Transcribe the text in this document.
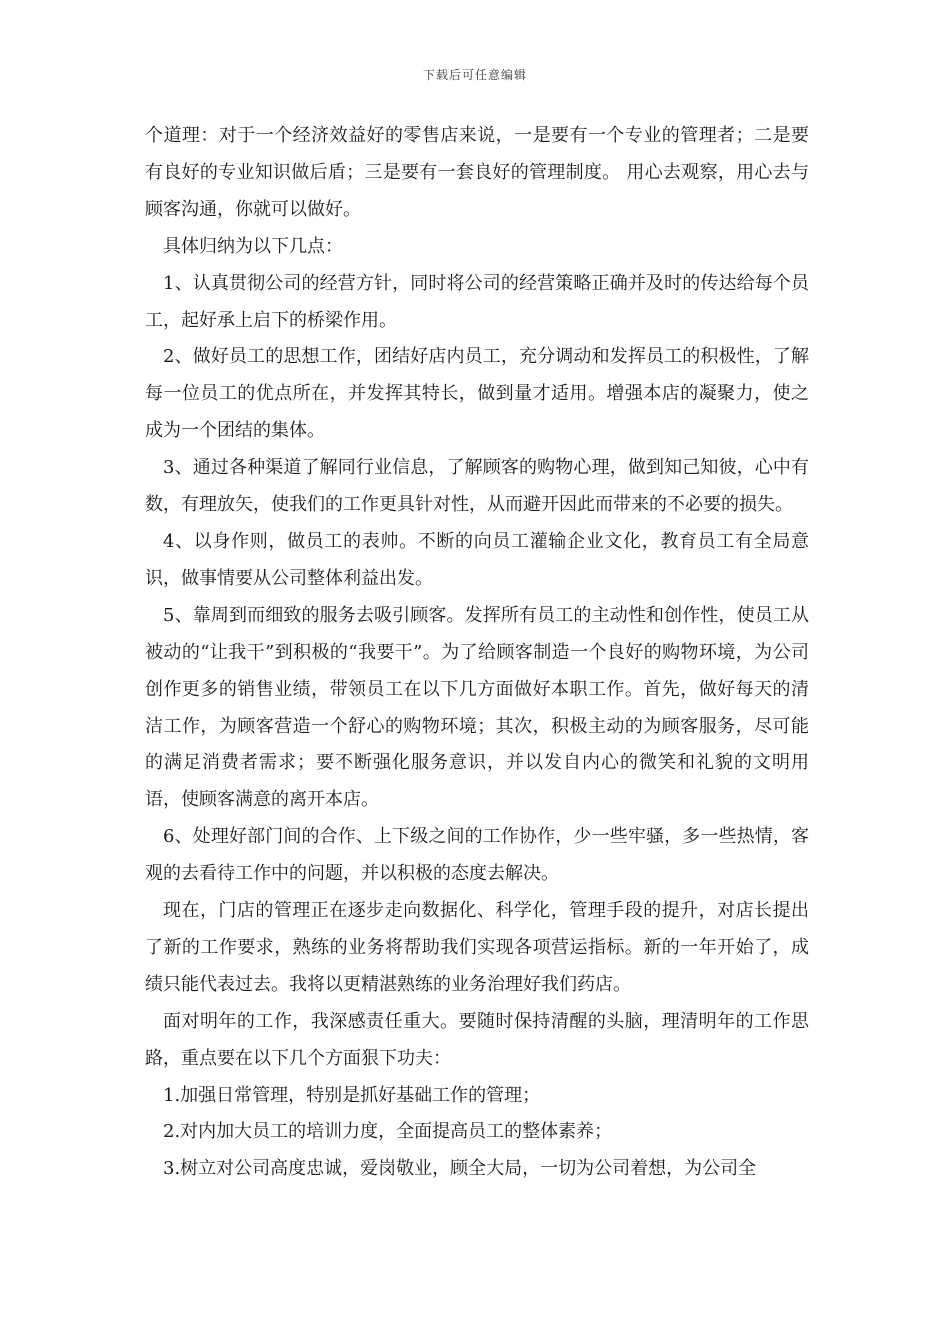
下载后可任意编辑

个道理：对于一个经济效益好的零售店来说，一是要有一个专业的管理者；二是要有良好的专业知识做后盾；三是要有一套良好的管理制度。 用心去观察，用心去与顾客沟通，你就可以做好。

具体归纳为以下几点：

1、认真贯彻公司的经营方针，同时将公司的经营策略正确并及时的传达给每个员工，起好承上启下的桥梁作用。

2、做好员工的思想工作，团结好店内员工，充分调动和发挥员工的积极性，了解每一位员工的优点所在，并发挥其特长，做到量才适用。增强本店的凝聚力，使之成为一个团结的集体。

3、通过各种渠道了解同行业信息，了解顾客的购物心理，做到知己知彼，心中有数，有理放矢，使我们的工作更具针对性，从而避开因此而带来的不必要的损失。

4、以身作则，做员工的表帅。不断的向员工灌输企业文化，教育员工有全局意识，做事情要从公司整体利益出发。

5、靠周到而细致的服务去吸引顾客。发挥所有员工的主动性和创作性，使员工从被动的“让我干”到积极的“我要干”。为了给顾客制造一个良好的购物环境，为公司创作更多的销售业绩，带领员工在以下几方面做好本职工作。首先，做好每天的清洁工作，为顾客营造一个舒心的购物环境；其次，积极主动的为顾客服务，尽可能的满足消费者需求；要不断强化服务意识，并以发自内心的微笑和礼貌的文明用语，使顾客满意的离开本店。

6、处理好部门间的合作、上下级之间的工作协作，少一些牢骚，多一些热情，客观的去看待工作中的问题，并以积极的态度去解决。

现在，门店的管理正在逐步走向数据化、科学化，管理手段的提升，对店长提出了新的工作要求，熟练的业务将帮助我们实现各项营运指标。新的一年开始了，成绩只能代表过去。我将以更精湛熟练的业务治理好我们药店。

面对明年的工作，我深感责任重大。要随时保持清醒的头脑，理清明年的工作思路，重点要在以下几个方面狠下功夫：

1.加强日常管理，特别是抓好基础工作的管理；

2.对内加大员工的培训力度，全面提高员工的整体素养；

3.树立对公司高度忠诚，爱岗敬业，顾全大局，一切为公司着想，为公司全
